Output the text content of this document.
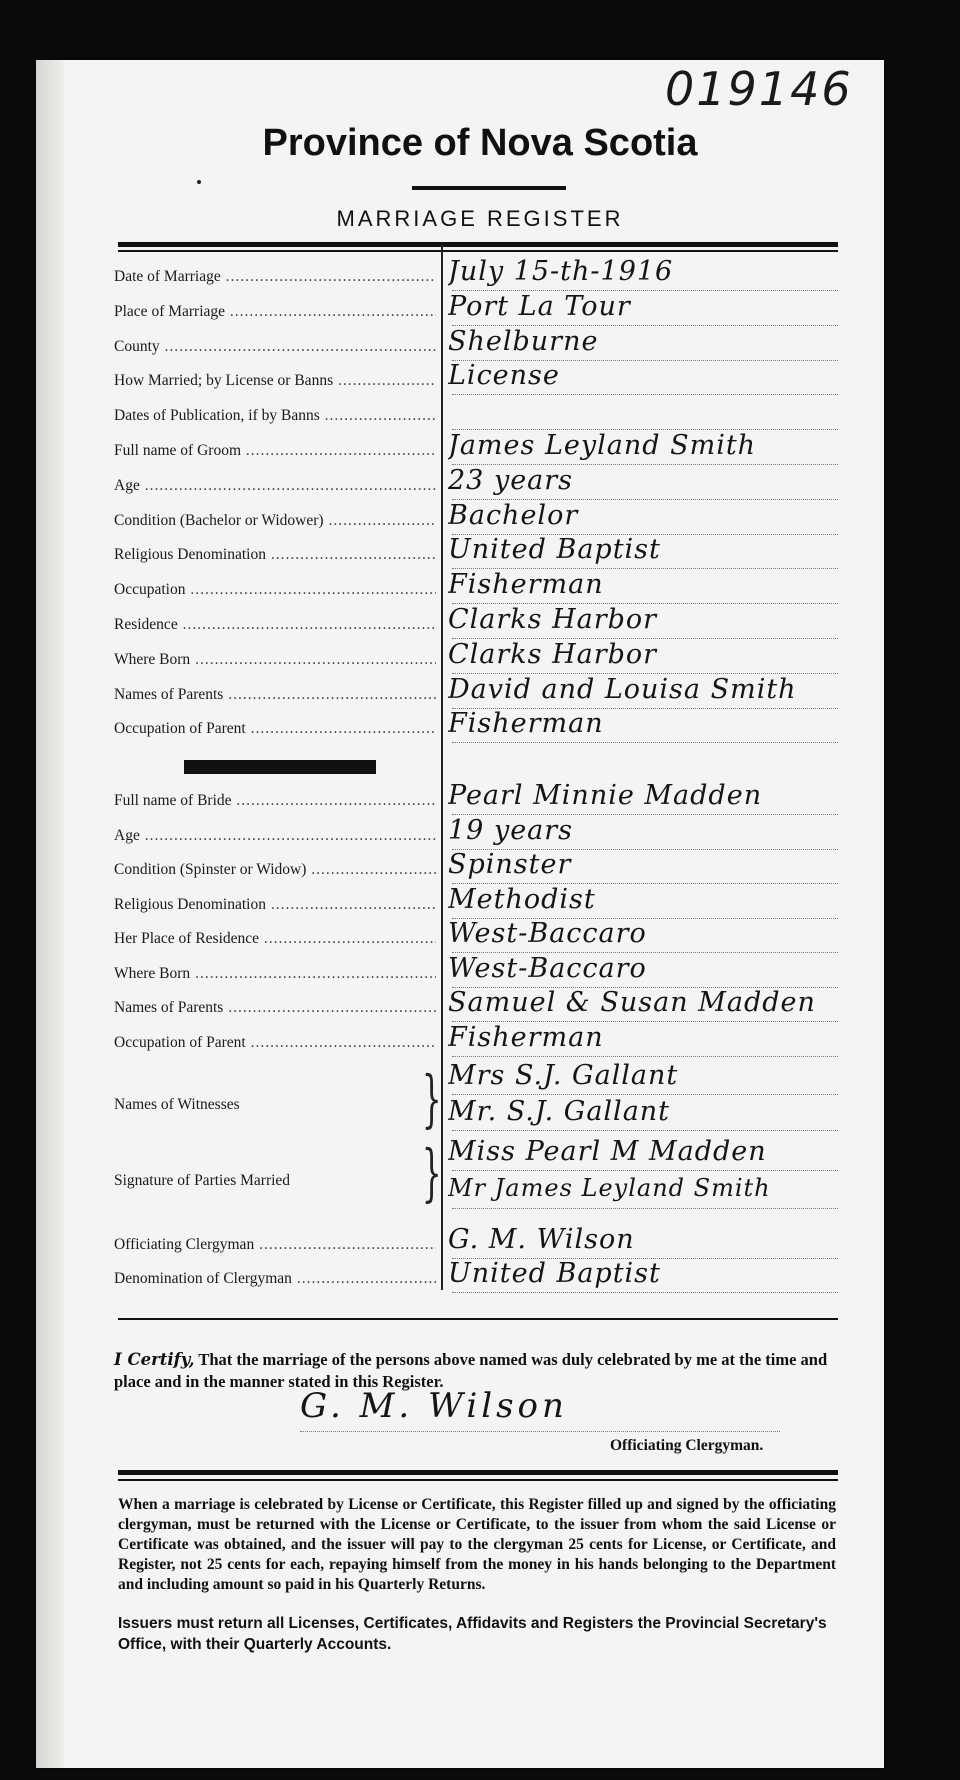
019146
Province of Nova Scotia
MARRIAGE REGISTER
Date of Marriage .....	July 15-th-1916
Place of Marriage .....	Port La Tour
County .....	Shelburne
How Married; by License or Banns .....	License
Dates of Publication, if by Banns .....
Full name of Groom .....	James Leyland Smith
Age .....	23 years
Condition (Bachelor or Widower) .....	Bachelor
Religious Denomination .....	United Baptist
Occupation .....	Fisherman
Residence .....	Clarks Harbor
Where Born .....	Clarks Harbor
Names of Parents .....	David and Louisa Smith
Occupation of Parent .....	Fisherman
Full name of Bride .....	Pearl Minnie Madden
Age .....	19 years
Condition (Spinster or Widow) .....	Spinster
Religious Denomination .....	Methodist
Her Place of Residence .....	West-Baccaro
Where Born .....	West-Baccaro
Names of Parents .....	Samuel & Susan Madden
Occupation of Parent .....	Fisherman
Names of Witnesses	} Mrs S.J. Gallant
Mr. S.J. Gallant
Signature of Parties Married	} Miss Pearl M Madden
Mr James Leyland Smith
Officiating Clergyman .....	G. M. Wilson
Denomination of Clergyman .....	United Baptist
I Certify, That the marriage of the persons above named was duly celebrated by me at the time and place and in the manner stated in this Register.
G. M. Wilson
Officiating Clergyman.
When a marriage is celebrated by License or Certificate, this Register filled up and signed by the officiating clergyman, must be returned with the License or Certificate, to the issuer from whom the said License or Certificate was obtained, and the issuer will pay to the clergyman 25 cents for License, or Certificate, and Register, not 25 cents for each, repaying himself from the money in his hands belonging to the Department and including amount so paid in his Quarterly Returns.
Issuers must return all Licenses, Certificates, Affidavits and Registers the Provincial Secretary's Office, with their Quarterly Accounts.
